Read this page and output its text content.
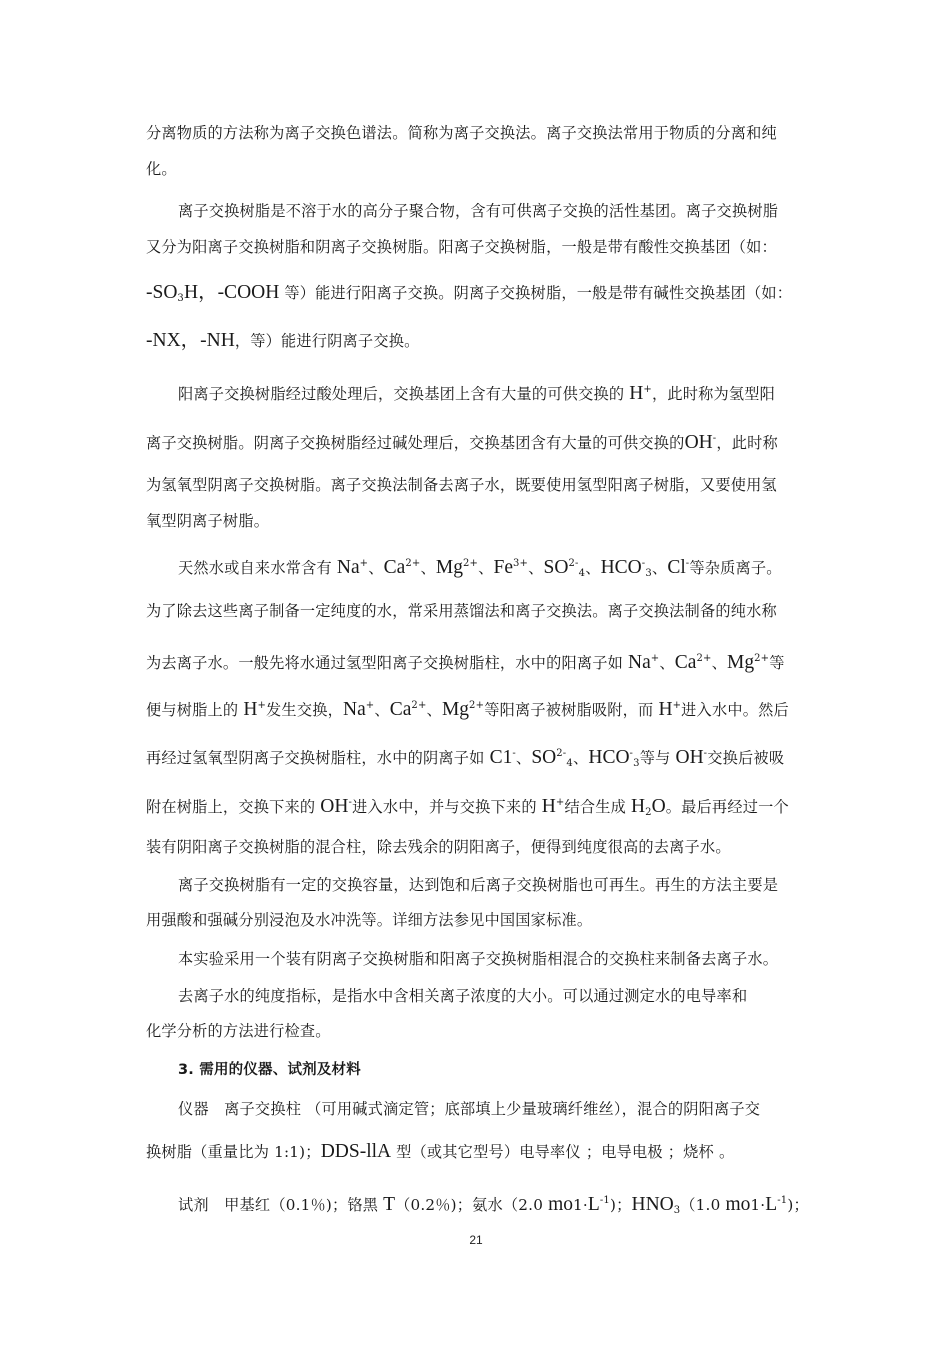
分离物质的方法称为离子交换色谱法。简称为离子交换法。离子交换法常用于物质的分离和纯
化。
离子交换树脂是不溶于水的高分子聚合物，含有可供离子交换的活性基团。离子交换树脂
又分为阳离子交换树脂和阴离子交换树脂。阳离子交换树脂，一般是带有酸性交换基团（如：
$-SO_3H$，-COOH 等）能进行阳离子交换。阴离子交换树脂，一般是带有碱性交换基团（如：
-NX，-NH，等）能进行阴离子交换。
阳离子交换树脂经过酸处理后，交换基团上含有大量的可供交换的 H+，此时称为氢型阳
离子交换树脂。阴离子交换树脂经过碱处理后，交换基团含有大量的可供交换的OH-，此时称
为氢氧型阴离子交换树脂。离子交换法制备去离子水，既要使用氢型阳离子树脂，又要使用氢
氧型阴离子树脂。
天然水或自来水常含有 Na+、$Ca^{2+}$、$Mg^{2+}$、$Fe^{3+}$、$SO^{2-}_4$、$HCO^-_3$、Cl-等杂质离子。
为了除去这些离子制备一定纯度的水，常采用蒸馏法和离子交换法。离子交换法制备的纯水称
为去离子水。一般先将水通过氢型阳离子交换树脂柱，水中的阳离子如 Na+、$Ca^{2+}$、$Mg^{2+}$等
便与树脂上的 H+发生交换，Na+、$Ca^{2+}$、$Mg^{2+}$等阳离子被树脂吸附，而 H+进入水中。然后
再经过氢氧型阴离子交换树脂柱，水中的阴离子如 C1-、$SO^{2-}_4$、$HCO^-_3$等与 OH-交换后被吸
附在树脂上，交换下来的 OH-进入水中，并与交换下来的 H+结合生成 $H_2O$。最后再经过一个
装有阴阳离子交换树脂的混合柱，除去残余的阴阳离子，便得到纯度很高的去离子水。
离子交换树脂有一定的交换容量，达到饱和后离子交换树脂也可再生。再生的方法主要是
用强酸和强碱分别浸泡及水冲洗等。详细方法参见中国国家标准。
本实验采用一个装有阴离子交换树脂和阳离子交换树脂相混合的交换柱来制备去离子水。
去离子水的纯度指标，是指水中含相关离子浓度的大小。可以通过测定水的电导率和
化学分析的方法进行检查。
3. 需用的仪器、试剂及材料
仪器　离子交换柱 （可用碱式滴定管；底部填上少量玻璃纤维丝），混合的阴阳离子交
换树脂（重量比为 1:1)；DDS-llA 型（或其它型号）电导率仪 ；电导电极 ；烧杯 。
试剂　甲基红（0.1％)；铬黑 T（0.2％)；氨水（2.0 $mo1\cdot L^{-1}$)；$HNO_3(1.0$ $mo1\cdot L^{-1}$)；
21
